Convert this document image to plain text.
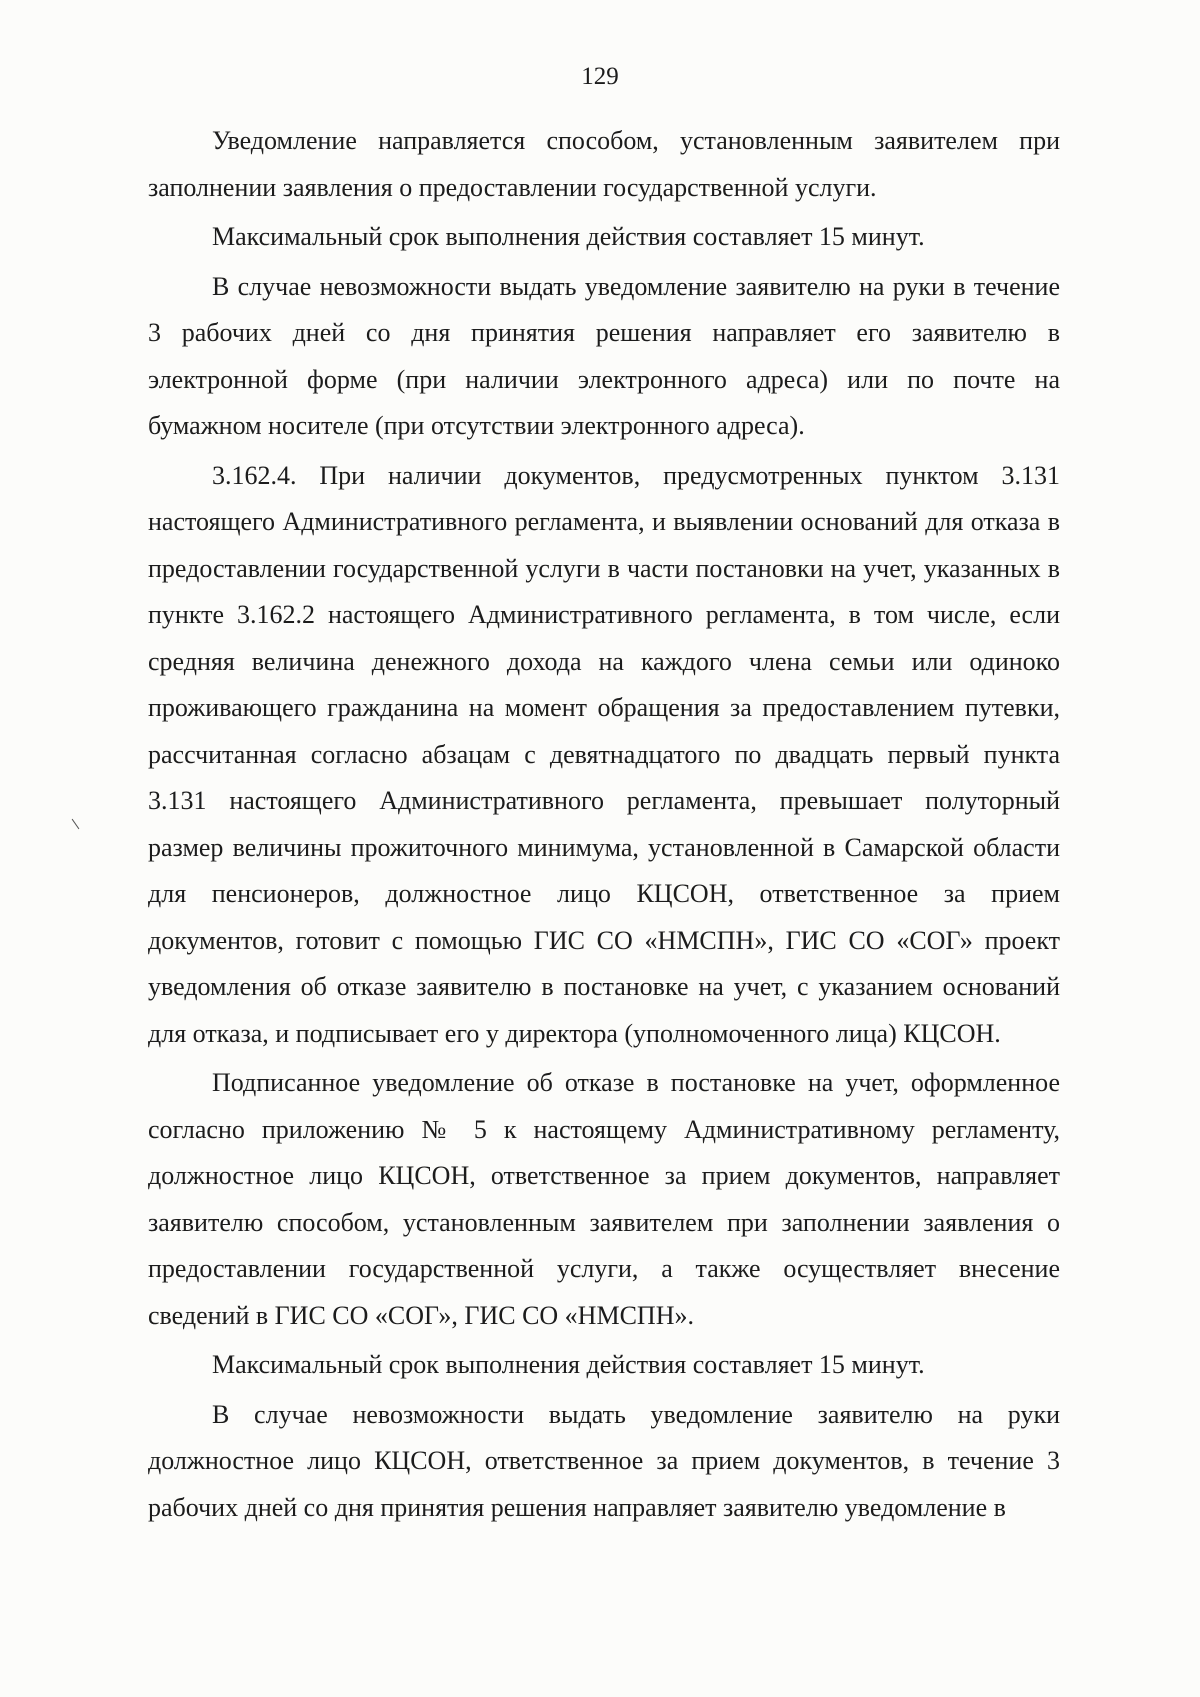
129

Уведомление направляется способом, установленным заявителем при заполнении заявления о предоставлении государственной услуги.

Максимальный срок выполнения действия составляет 15 минут.

В случае невозможности выдать уведомление заявителю на руки в течение 3 рабочих дней со дня принятия решения направляет его заявителю в электронной форме (при наличии электронного адреса) или по почте на бумажном носителе (при отсутствии электронного адреса).

3.162.4. При наличии документов, предусмотренных пунктом 3.131 настоящего Административного регламента, и выявлении оснований для отказа в предоставлении государственной услуги в части постановки на учет, указанных в пункте 3.162.2 настоящего Административного регламента, в том числе, если средняя величина денежного дохода на каждого члена семьи или одиноко проживающего гражданина на момент обращения за предоставлением путевки, рассчитанная согласно абзацам с девятнадцатого по двадцать первый пункта 3.131 настоящего Административного регламента, превышает полуторный размер величины прожиточного минимума, установленной в Самарской области для пенсионеров, должностное лицо КЦСОН, ответственное за прием документов, готовит с помощью ГИС СО «НМСПН», ГИС СО «СОГ» проект уведомления об отказе заявителю в постановке на учет, с указанием оснований для отказа, и подписывает его у директора (уполномоченного лица) КЦСОН.

Подписанное уведомление об отказе в постановке на учет, оформленное согласно приложению № 5 к настоящему Административному регламенту, должностное лицо КЦСОН, ответственное за прием документов, направляет заявителю способом, установленным заявителем при заполнении заявления о предоставлении государственной услуги, а также осуществляет внесение сведений в ГИС СО «СОГ», ГИС СО «НМСПН».

Максимальный срок выполнения действия составляет 15 минут.

В случае невозможности выдать уведомление заявителю на руки должностное лицо КЦСОН, ответственное за прием документов, в течение 3 рабочих дней со дня принятия решения направляет заявителю уведомление в
